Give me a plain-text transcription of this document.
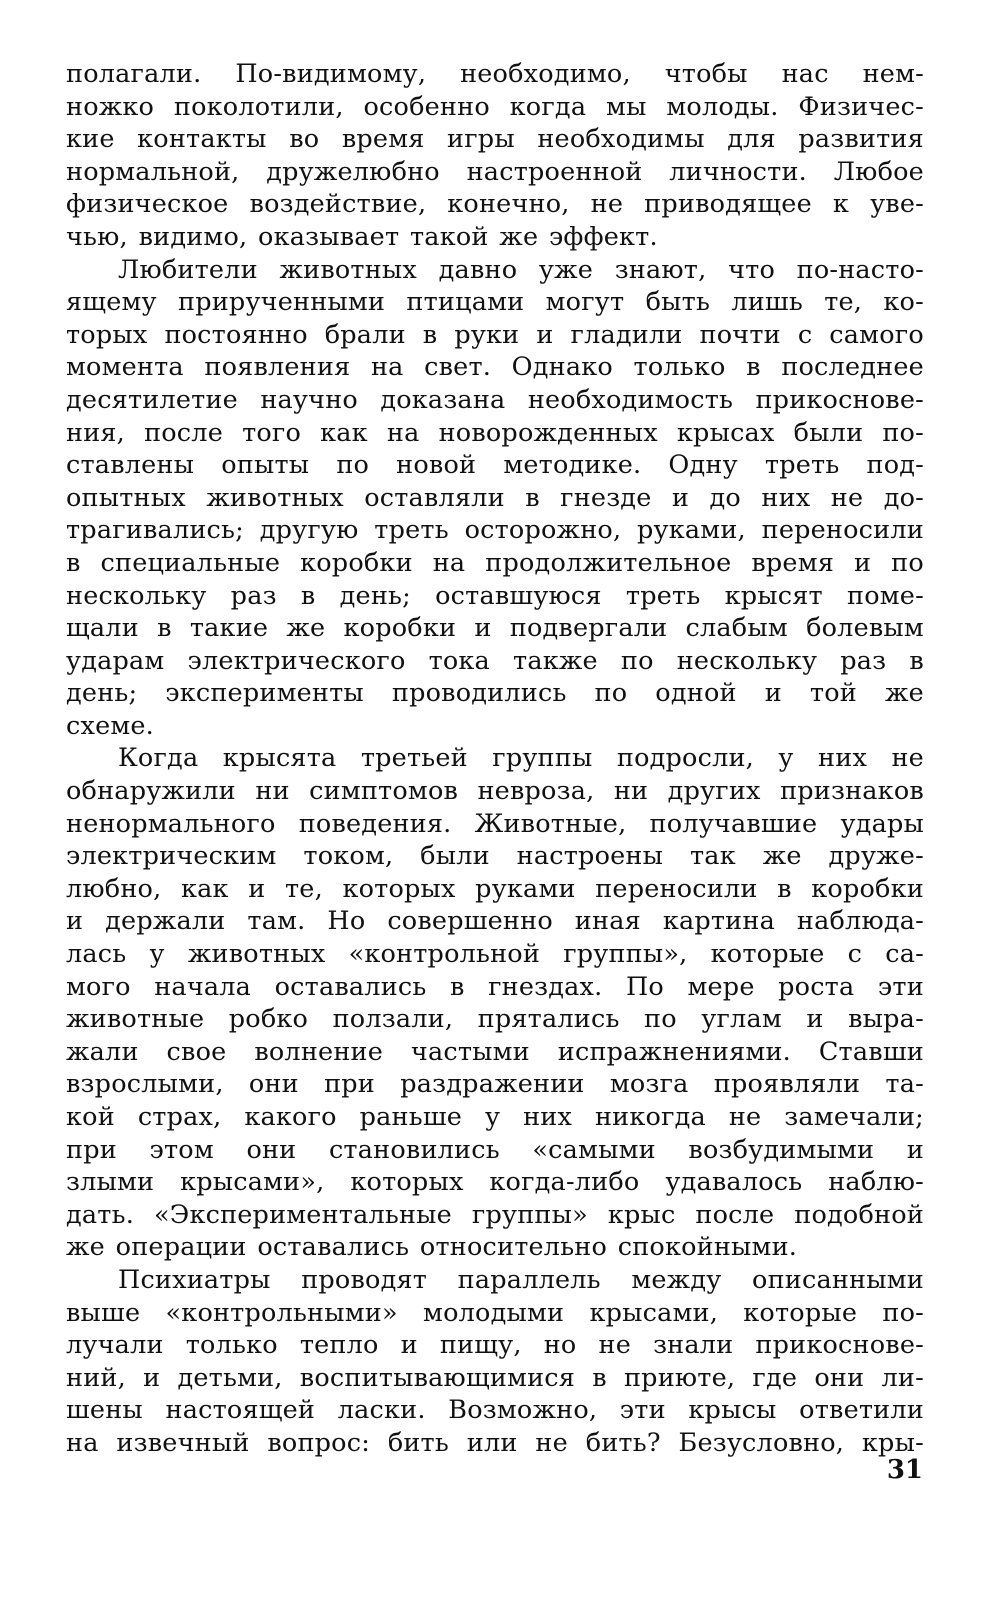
полагали. По-видимому, необходимо, чтобы нас нем-
ножко поколотили, особенно когда мы молоды. Физичес-
кие контакты во время игры необходимы для развития
нормальной, дружелюбно настроенной личности. Любое
физическое воздействие, конечно, не приводящее к уве-
чью, видимо, оказывает такой же эффект.
Любители животных давно уже знают, что по-насто-
ящему прирученными птицами могут быть лишь те, ко-
торых постоянно брали в руки и гладили почти с самого
момента появления на свет. Однако только в последнее
десятилетие научно доказана необходимость прикоснове-
ния, после того как на новорожденных крысах были по-
ставлены опыты по новой методике. Одну треть под-
опытных животных оставляли в гнезде и до них не до-
трагивались; другую треть осторожно, руками, переносили
в специальные коробки на продолжительное время и по
нескольку раз в день; оставшуюся треть крысят поме-
щали в такие же коробки и подвергали слабым болевым
ударам электрического тока также по нескольку раз в
день; эксперименты проводились по одной и той же
схеме.
Когда крысята третьей группы подросли, у них не
обнаружили ни симптомов невроза, ни других признаков
ненормального поведения. Животные, получавшие удары
электрическим током, были настроены так же друже-
любно, как и те, которых руками переносили в коробки
и держали там. Но совершенно иная картина наблюда-
лась у животных «контрольной группы», которые с са-
мого начала оставались в гнездах. По мере роста эти
животные робко ползали, прятались по углам и выра-
жали свое волнение частыми испражнениями. Ставши
взрослыми, они при раздражении мозга проявляли та-
кой страх, какого раньше у них никогда не замечали;
при этом они становились «самыми возбудимыми и
злыми крысами», которых когда-либо удавалось наблю-
дать. «Экспериментальные группы» крыс после подобной
же операции оставались относительно спокойными.
Психиатры проводят параллель между описанными
выше «контрольными» молодыми крысами, которые по-
лучали только тепло и пищу, но не знали прикоснове-
ний, и детьми, воспитывающимися в приюте, где они ли-
шены настоящей ласки. Возможно, эти крысы ответили
на извечный вопрос: бить или не бить? Безусловно, кры-
31
